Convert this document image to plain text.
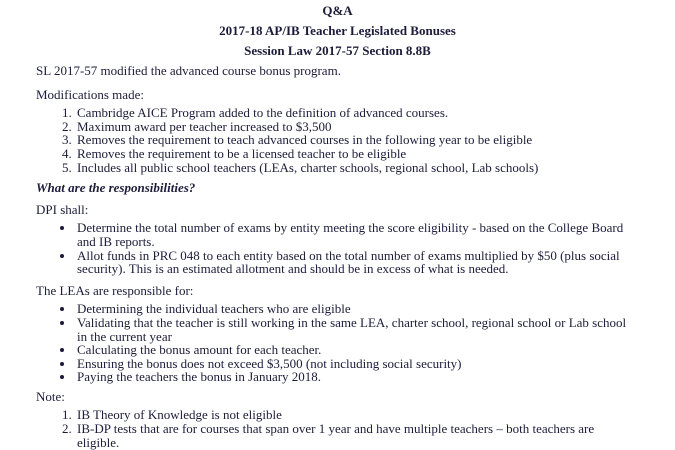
Q&A
2017-18 AP/IB Teacher Legislated Bonuses
Session Law 2017-57 Section 8.8B

SL 2017-57 modified the advanced course bonus program.

Modifications made:

1. Cambridge AICE Program added to the definition of advanced courses.
2. Maximum award per teacher increased to $3,500
3. Removes the requirement to teach advanced courses in the following year to be eligible
4. Removes the requirement to be a licensed teacher to be eligible
5. Includes all public school teachers (LEAs, charter schools, regional school, Lab schools)

What are the responsibilities?

DPI shall:

• Determine the total number of exams by entity meeting the score eligibility - based on the College Board and IB reports.
• Allot funds in PRC 048 to each entity based on the total number of exams multiplied by $50 (plus social security). This is an estimated allotment and should be in excess of what is needed.

The LEAs are responsible for:

• Determining the individual teachers who are eligible
• Validating that the teacher is still working in the same LEA, charter school, regional school or Lab school in the current year
• Calculating the bonus amount for each teacher.
• Ensuring the bonus does not exceed $3,500 (not including social security)
• Paying the teachers the bonus in January 2018.

Note:

1. IB Theory of Knowledge is not eligible
2. IB-DP tests that are for courses that span over 1 year and have multiple teachers – both teachers are eligible.
